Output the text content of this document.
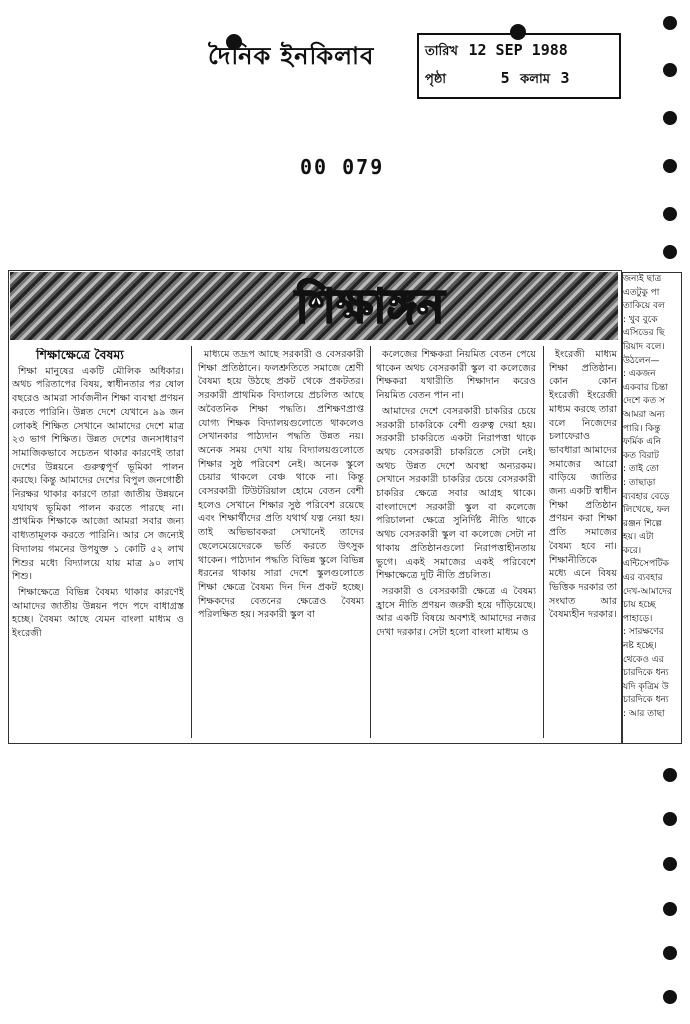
দৈনিক ইনকিলাব	তারিখ 12 SEP 1988
পৃষ্ঠা	5 কলাম 3
00 079
শিক্ষাঙ্গন
শিক্ষাক্ষেত্রে বৈষম্য

শিক্ষা মানুষের একটি মৌলিক অধিকার। অথচ পরিতাপের বিষয়, স্বাধীনতার পর ষোল বছরেও আমরা সার্বজনীন শিক্ষা ব্যবস্থা প্রণয়ন করতে পারিনি। উন্নত দেশে যেখানে ৯৯ জন লোকই শিক্ষিত সেখানে আমাদের দেশে মাত্র ২৩ ভাগ শিক্ষিত। উন্নত দেশের জনসাধারণ সামাজিকভাবে সচেতন থাকার কারণেই তারা দেশের উন্নয়নে গুরুত্বপূর্ণ ভূমিকা পালন করছে। কিন্তু আমাদের দেশের বিপুল জনগোষ্ঠী নিরক্ষর থাকার কারণে তারা জাতীয় উন্নয়নে যথাযথ ভূমিকা পালন করতে পারছে না। প্রাথমিক শিক্ষাকে আজো আমরা সবার জন্য বাধ্যতামূলক করতে পারিনি। আর সে জন্যেই বিদ্যালয় গমনের উপযুক্ত ১ কোটি ৫২ লাখ শিশুর মধ্যে বিদ্যালয়ে যায় মাত্র ৯০ লাখ শিশু।

শিক্ষাক্ষেত্রে বিভিন্ন বৈষম্য থাকার কারণেই আমাদের জাতীয় উন্নয়ন পদে পদে বাধাগ্রস্ত হচ্ছে। বৈষম্য আছে যেমন বাংলা মাধ্যম ও ইংরেজী

মাধ্যমে তদ্রূপ আছে সরকারী ও বেসরকারী শিক্ষা প্রতিষ্ঠানে। ফলশ্রুতিতে সমাজে শ্রেণী বৈষম্য হয়ে উঠছে প্রকট থেকে প্রকটতর। সরকারী প্রাথমিক বিদ্যালয়ে প্রচলিত আছে অবৈতনিক শিক্ষা পদ্ধতি। প্রশিক্ষণপ্রাপ্ত যোগ্য শিক্ষক বিদ্যালয়গুলোতে থাকলেও সেখানকার পাঠ্যদান পদ্ধতি উন্নত নয়। অনেক সময় দেখা যায় বিদ্যালয়গুলোতে শিক্ষার সুষ্ঠ পরিবেশ নেই। অনেক স্কুলে চেয়ার থাকলে বেঞ্চ থাকে না। কিন্তু বেসরকারী টিউটরিয়াল হোমে বেতন বেশী হলেও সেখানে শিক্ষার সুষ্ঠ পরিবেশ রয়েছে এবং শিক্ষার্থীদের প্রতি যথার্থ যত্ন নেয়া হয়। তাই অভিভাবকরা সেখানেই তাদের ছেলেমেয়েদেরকে ভর্তি করতে উৎসুক থাকেন। পাঠ্যদান পদ্ধতি বিভিন্ন স্কুলে বিভিন্ন ধরনের থাকায় সারা দেশে স্কুলগুলোতে শিক্ষা ক্ষেত্রে বৈষম্য দিন দিন প্রকট হচ্ছে। শিক্ষকদের বেতনের ক্ষেত্রেও বৈষম্য পরিলক্ষিত হয়। সরকারী স্কুল বা

কলেজের শিক্ষকরা নিয়মিত বেতন পেয়ে থাকেন অথচ বেসরকারী স্কুল বা কলেজের শিক্ষকরা যথারীতি শিক্ষাদান করেও নিয়মিত বেতন পান না।

আমাদের দেশে বেসরকারী চাকরির চেয়ে সরকারী চাকরিকে বেশী গুরুত্ব দেয়া হয়। সরকারী চাকরিতে একটা নিরাপত্তা থাকে অথচ বেসরকারী চাকরিতে সেটা নেই। অথচ উন্নত দেশে অবস্থা অন্যরকম। সেখানে সরকারী চাকরির চেয়ে বেসরকারী চাকরির ক্ষেত্রে সবার আগ্রহ থাকে। বাংলাদেশে সরকারী স্কুল বা কলেজে পরিচালনা ক্ষেত্রে সুনির্দিষ্ট নীতি থাকে অথচ বেসরকারী স্কুল বা কলেজে সেটা না থাকায় প্রতিষ্ঠানগুলো নিরাপত্তাহীনতায় ভুগে। একই সমাজের একই পরিবেশে শিক্ষাক্ষেত্রে দুটি নীতি প্রচলিত।

সরকারী ও বেসরকারী ক্ষেত্রে এ বৈষম্য হ্রাসে নীতি প্রণয়ন জরুরী হয়ে দাঁড়িয়েছে। আর একটি বিষয়ে অবশ্যই আমাদের নজর দেখা দরকার। সেটা হলো বাংলা মাধ্যম ও

ইংরেজী মাধ্যম শিক্ষা প্রতিষ্ঠান। কোন কোন ইংরেজী ইংরেজী মাধ্যম করছে তারা বলে নিজেদের চলাফেরাও ভাবধারা আমাদের সমাজের আরো বাড়িয়ে জাতির জন্য একটি স্বাধীন শিক্ষা প্রতিষ্ঠান প্রণয়ন করা শিক্ষা প্রতি সমাজের বৈষম্য হবে না। শিক্ষানীতিকে মধ্যে এনে বিষয় ভিত্তিক দরকার তা সংঘাত আর বৈষম্যহীন দরকার।

জন্যই ছাত্র
এতটুকু পা
তাকিয়ে বল
: খুব বুকে
এসিডের ছি
রিয়াদ বলে।
উঠলেন—
: একজন
একবার চিন্তা
দেশে কত স
আমরা অন্য
পারি। কিন্তু
ফর্মিক এনি
কত বিরাট
: তাই তো
: তাছাড়া
ব্যবহার বেড়ে
লিখেছে, ফল
রঞ্জন শিল্পে
হয়। এটা
করে।
এন্টিসেপটিক
এর ব্যবহার
দেখ-আমাদের
চায় হচ্ছে
পাহাড়ে।
: সারক্ষণের
নষ্ট হচ্ছে।
থেকেও এর
চারদিকে ধন্য
যদি কৃত্রিম উ
চারদিকে ধন্য
: আর তাছা
